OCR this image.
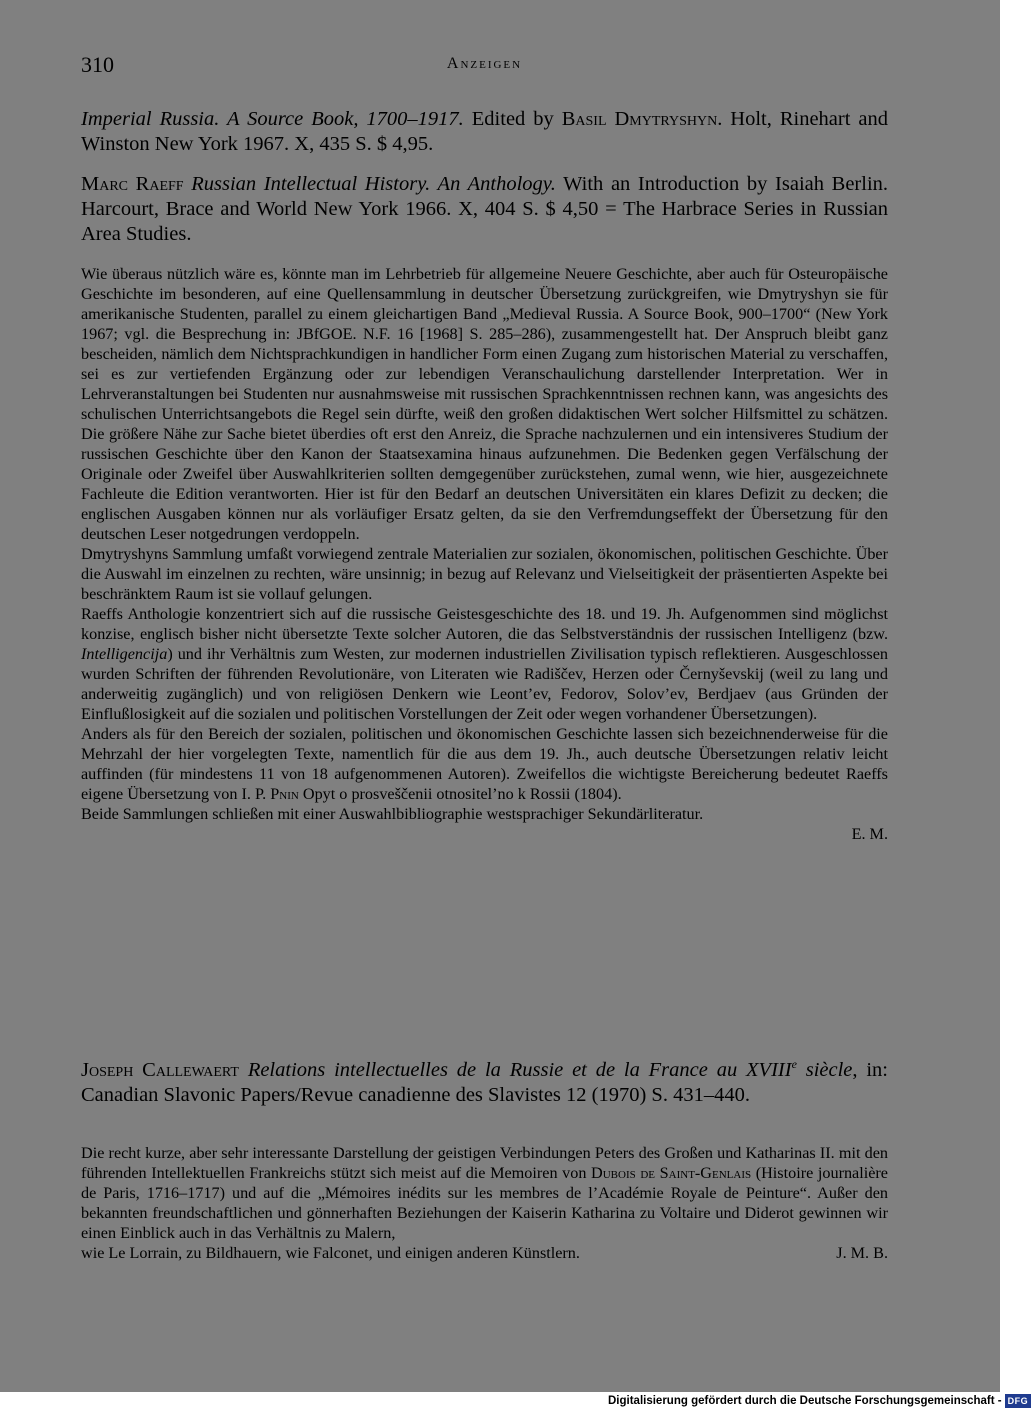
310	Anzeigen

Imperial Russia. A Source Book, 1700–1917. Edited by Basil Dmytryshyn. Holt, Rinehart and Winston New York 1967. X, 435 S. $ 4,95.

Marc Raeff Russian Intellectual History. An Anthology. With an Introduction by Isaiah Berlin. Harcourt, Brace and World New York 1966. X, 404 S. $ 4,50 = The Harbrace Series in Russian Area Studies.

Wie überaus nützlich wäre es, könnte man im Lehrbetrieb für allgemeine Neuere Geschichte, aber auch für Osteuropäische Geschichte im besonderen, auf eine Quellensammlung in deutscher Übersetzung zurückgreifen, wie Dmytryshyn sie für amerikanische Studenten, parallel zu einem gleichartigen Band „Medieval Russia. A Source Book, 900–1700“ (New York 1967; vgl. die Besprechung in: JBfGOE. N.F. 16 [1968] S. 285–286), zusammengestellt hat. Der Anspruch bleibt ganz bescheiden, nämlich dem Nichtsprachkundigen in handlicher Form einen Zugang zum historischen Material zu verschaffen, sei es zur vertiefenden Ergänzung oder zur lebendigen Veranschaulichung darstellender Interpretation. Wer in Lehrveranstaltungen bei Studenten nur ausnahmsweise mit russischen Sprachkenntnissen rechnen kann, was angesichts des schulischen Unterrichtsangebots die Regel sein dürfte, weiß den großen didaktischen Wert solcher Hilfsmittel zu schätzen. Die größere Nähe zur Sache bietet überdies oft erst den Anreiz, die Sprache nachzulernen und ein intensiveres Studium der russischen Geschichte über den Kanon der Staatsexamina hinaus aufzunehmen. Die Bedenken gegen Verfälschung der Originale oder Zweifel über Auswahlkriterien sollten demgegenüber zurückstehen, zumal wenn, wie hier, ausgezeichnete Fachleute die Edition verantworten. Hier ist für den Bedarf an deutschen Universitäten ein klares Defizit zu decken; die englischen Ausgaben können nur als vorläufiger Ersatz gelten, da sie den Verfremdungseffekt der Übersetzung für den deutschen Leser notgedrungen verdoppeln.

Dmytryshyns Sammlung umfaßt vorwiegend zentrale Materialien zur sozialen, ökonomischen, politischen Geschichte. Über die Auswahl im einzelnen zu rechten, wäre unsinnig; in bezug auf Relevanz und Vielseitigkeit der präsentierten Aspekte bei beschränktem Raum ist sie vollauf gelungen.

Raeffs Anthologie konzentriert sich auf die russische Geistesgeschichte des 18. und 19. Jh. Aufgenommen sind möglichst konzise, englisch bisher nicht übersetzte Texte solcher Autoren, die das Selbstverständnis der russischen Intelligenz (bzw. Intelligencija) und ihr Verhältnis zum Westen, zur modernen industriellen Zivilisation typisch reflektieren. Ausgeschlossen wurden Schriften der führenden Revolutionäre, von Literaten wie Radiščev, Herzen oder Černyševskij (weil zu lang und anderweitig zugänglich) und von religiösen Denkern wie Leont’ev, Fedorov, Solov’ev, Berdjaev (aus Gründen der Einflußlosigkeit auf die sozialen und politischen Vorstellungen der Zeit oder wegen vorhandener Übersetzungen).

Anders als für den Bereich der sozialen, politischen und ökonomischen Geschichte lassen sich bezeichnenderweise für die Mehrzahl der hier vorgelegten Texte, namentlich für die aus dem 19. Jh., auch deutsche Übersetzungen relativ leicht auffinden (für mindestens 11 von 18 aufgenommenen Autoren). Zweifellos die wichtigste Bereicherung bedeutet Raeffs eigene Übersetzung von I. P. Pnin Opyt o prosveščenii otnositel’no k Rossii (1804).

Beide Sammlungen schließen mit einer Auswahlbibliographie westsprachiger Sekundärliteratur.

E. M.

Joseph Callewaert Relations intellectuelles de la Russie et de la France au XVIIIe siècle, in: Canadian Slavonic Papers/Revue canadienne des Slavistes 12 (1970) S. 431–440.

Die recht kurze, aber sehr interessante Darstellung der geistigen Verbindungen Peters des Großen und Katharinas II. mit den führenden Intellektuellen Frankreichs stützt sich meist auf die Memoiren von Dubois de Saint-Genlais (Histoire journalière de Paris, 1716–1717) und auf die „Mémoires inédits sur les membres de l’Académie Royale de Peinture“. Außer den bekannten freundschaftlichen und gönnerhaften Beziehungen der Kaiserin Katharina zu Voltaire und Diderot gewinnen wir einen Einblick auch in das Verhältnis zu Malern,

wie Le Lorrain, zu Bildhauern, wie Falconet, und einigen anderen Künstlern.	J. M. B.

Digitalisierung gefördert durch die Deutsche Forschungsgemeinschaft - DFG
